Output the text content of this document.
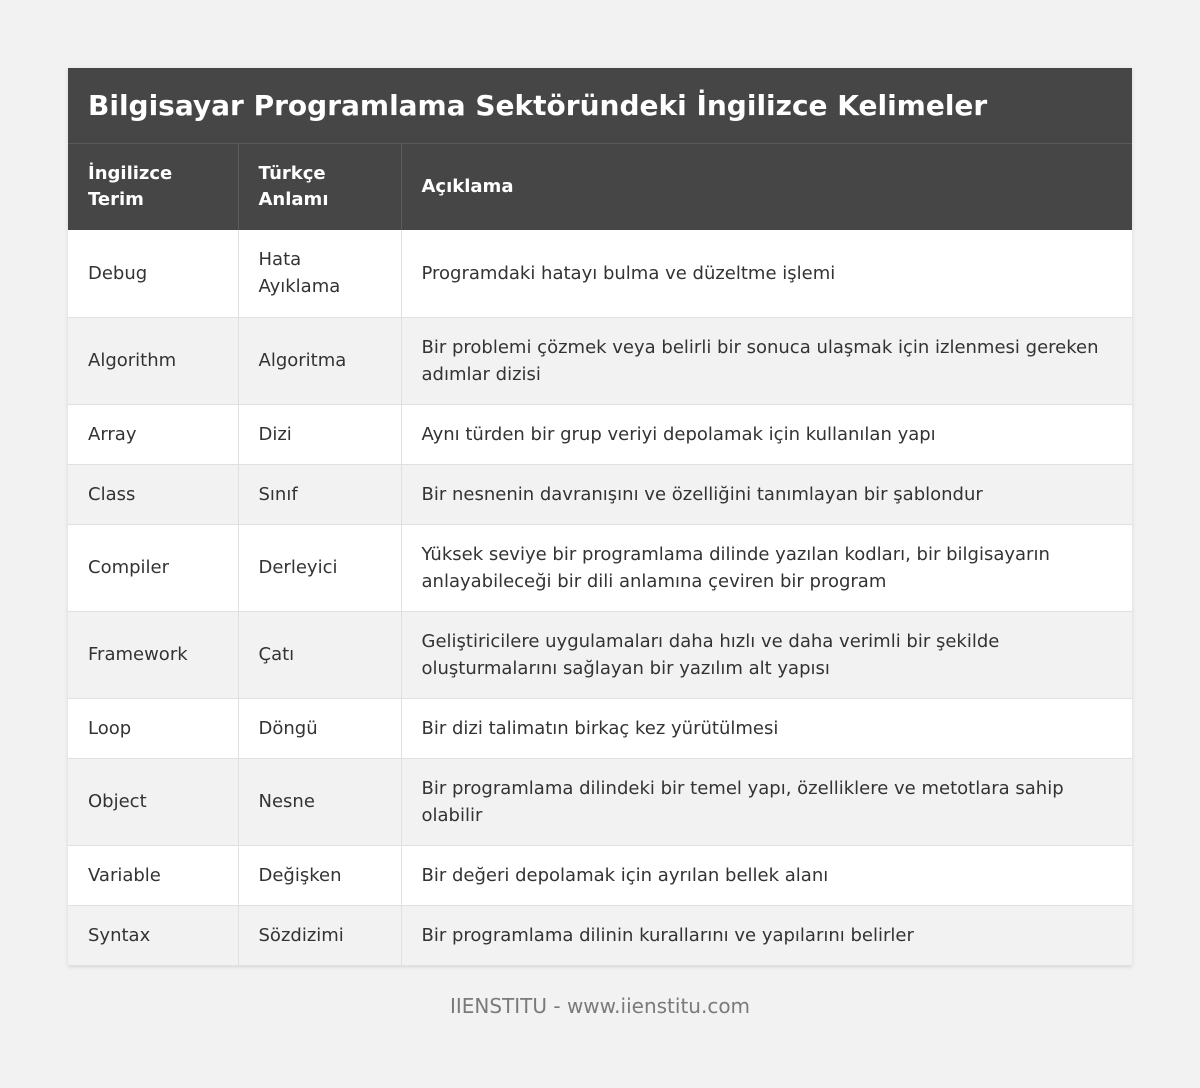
Bilgisayar Programlama Sektöründeki İngilizce Kelimeler
İngilizce Terim	Türkçe Anlamı	Açıklama
Debug	Hata Ayıklama	Programdaki hatayı bulma ve düzeltme işlemi
Algorithm	Algoritma	Bir problemi çözmek veya belirli bir sonuca ulaşmak için izlenmesi gereken adımlar dizisi
Array	Dizi	Aynı türden bir grup veriyi depolamak için kullanılan yapı
Class	Sınıf	Bir nesnenin davranışını ve özelliğini tanımlayan bir şablondur
Compiler	Derleyici	Yüksek seviye bir programlama dilinde yazılan kodları, bir bilgisayarın anlayabileceği bir dili anlamına çeviren bir program
Framework	Çatı	Geliştiricilere uygulamaları daha hızlı ve daha verimli bir şekilde oluşturmalarını sağlayan bir yazılım alt yapısı
Loop	Döngü	Bir dizi talimatın birkaç kez yürütülmesi
Object	Nesne	Bir programlama dilindeki bir temel yapı, özelliklere ve metotlara sahip olabilir
Variable	Değişken	Bir değeri depolamak için ayrılan bellek alanı
Syntax	Sözdizimi	Bir programlama dilinin kurallarını ve yapılarını belirler
IIENSTITU - www.iienstitu.com
